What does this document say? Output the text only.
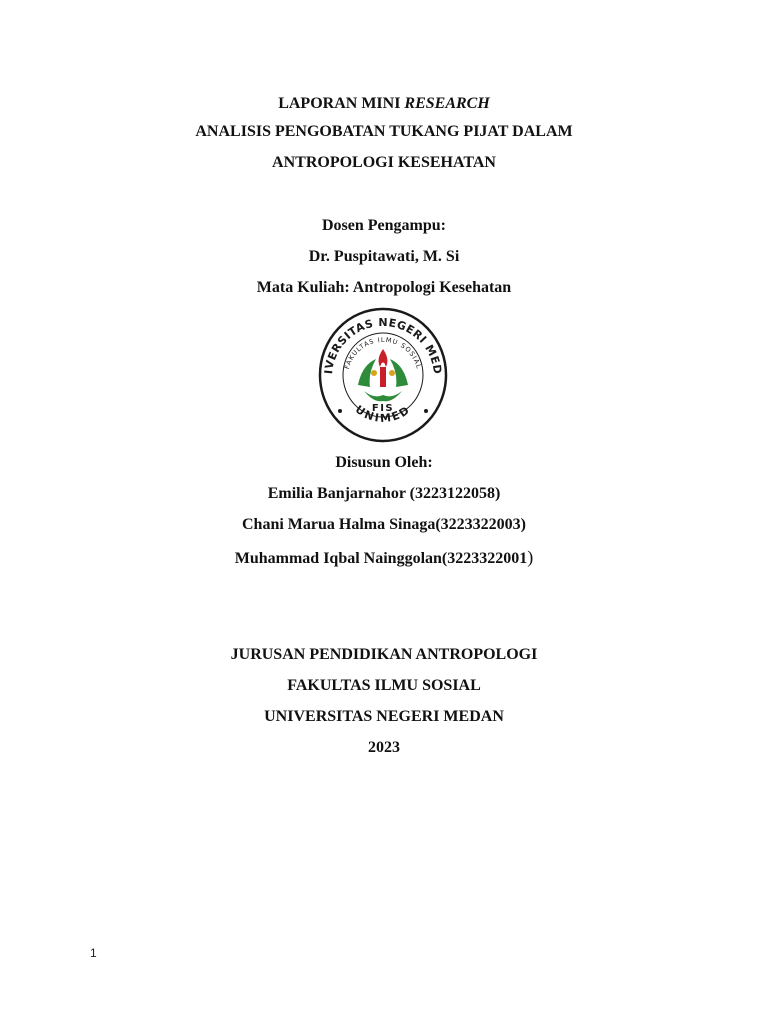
LAPORAN MINI RESEARCH
ANALISIS PENGOBATAN TUKANG PIJAT DALAM
ANTROPOLOGI KESEHATAN
Dosen Pengampu:
Dr. Puspitawati, M. Si
Mata Kuliah: Antropologi Kesehatan
IVERSITAS NEGERI MED
FAKULTAS ILMU SOSIAL
UNIMED
FIS
Disusun Oleh:
Emilia Banjarnahor (3223122058)
Chani Marua Halma Sinaga(3223322003)
Muhammad Iqbal Nainggolan(3223322001)
JURUSAN PENDIDIKAN ANTROPOLOGI
FAKULTAS ILMU SOSIAL
UNIVERSITAS NEGERI MEDAN
2023
1
